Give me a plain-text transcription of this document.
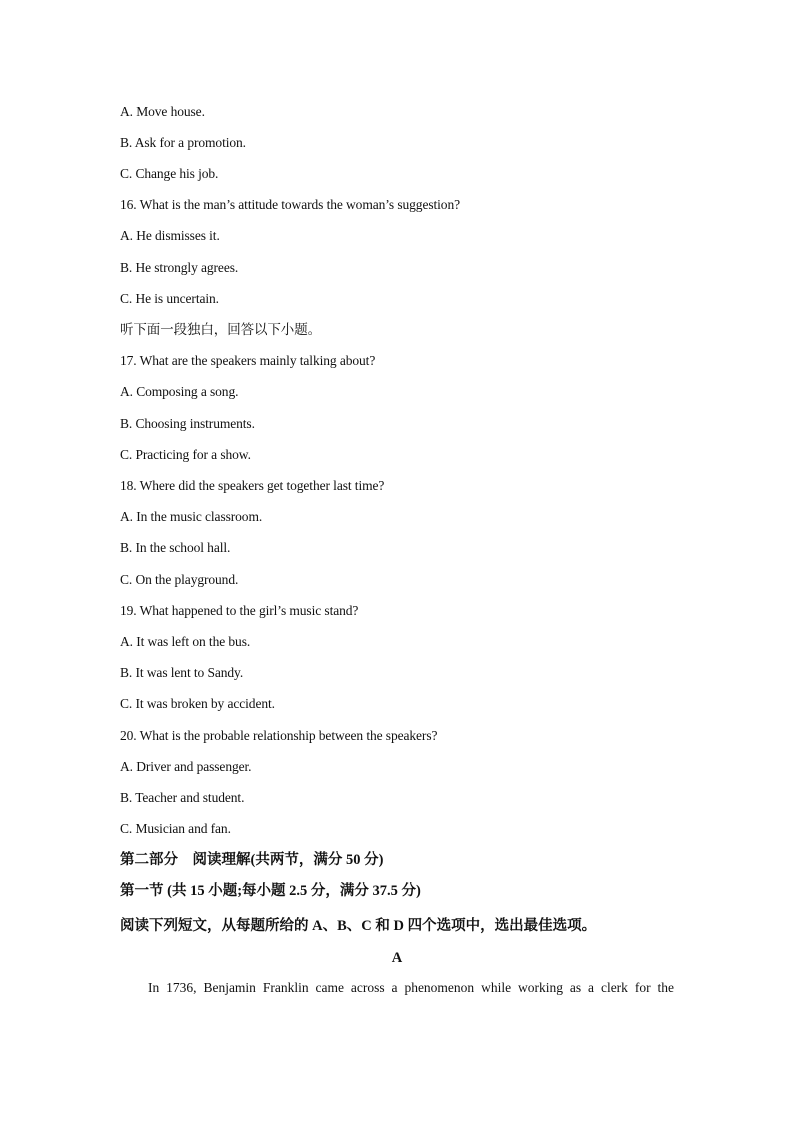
A. Move house.
B. Ask for a promotion.
C. Change his job.
16. What is the man’s attitude towards the woman’s suggestion?
A. He dismisses it.
B. He strongly agrees.
C. He is uncertain.
听下面一段独白，回答以下小题。
17. What are the speakers mainly talking about?
A. Composing a song.
B. Choosing instruments.
C. Practicing for a show.
18. Where did the speakers get together last time?
A. In the music classroom.
B. In the school hall.
C. On the playground.
19. What happened to the girl’s music stand?
A. It was left on the bus.
B. It was lent to Sandy.
C. It was broken by accident.
20. What is the probable relationship between the speakers?
A. Driver and passenger.
B. Teacher and student.
C. Musician and fan.
第二部分　阅读理解(共两节，满分 50 分)
第一节 (共 15 小题;每小题 2.5 分，满分 37.5 分)
阅读下列短文，从每题所给的 A、B、C 和 D 四个选项中，选出最佳选项。
A
In 1736, Benjamin Franklin came across a phenomenon while working as a clerk for the
